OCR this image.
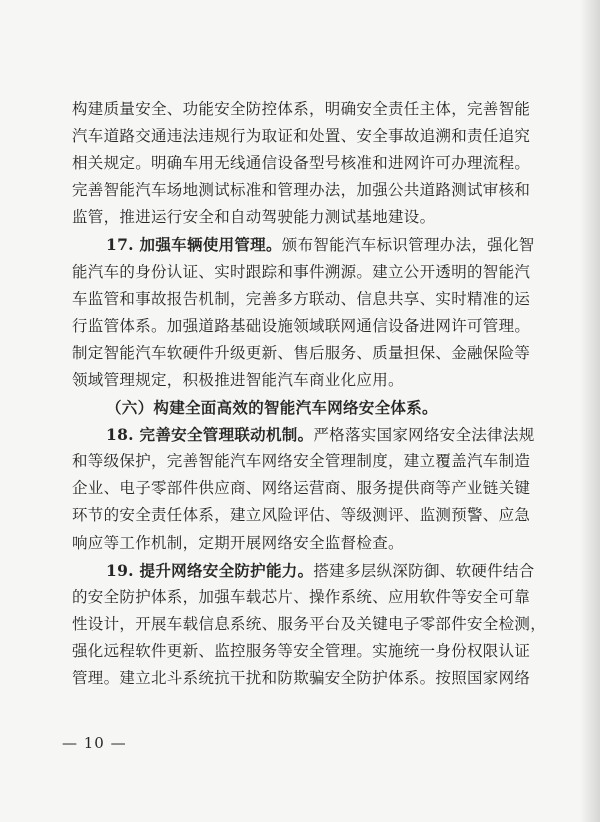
构建质量安全、功能安全防控体系，明确安全责任主体，完善智能
汽车道路交通违法违规行为取证和处置、安全事故追溯和责任追究
相关规定。明确车用无线通信设备型号核准和进网许可办理流程。
完善智能汽车场地测试标准和管理办法，加强公共道路测试审核和
监管，推进运行安全和自动驾驶能力测试基地建设。
17. 加强车辆使用管理。颁布智能汽车标识管理办法，强化智
能汽车的身份认证、实时跟踪和事件溯源。建立公开透明的智能汽
车监管和事故报告机制，完善多方联动、信息共享、实时精准的运
行监管体系。加强道路基础设施领域联网通信设备进网许可管理。
制定智能汽车软硬件升级更新、售后服务、质量担保、金融保险等
领域管理规定，积极推进智能汽车商业化应用。
（六）构建全面高效的智能汽车网络安全体系。
18. 完善安全管理联动机制。严格落实国家网络安全法律法规
和等级保护，完善智能汽车网络安全管理制度，建立覆盖汽车制造
企业、电子零部件供应商、网络运营商、服务提供商等产业链关键
环节的安全责任体系，建立风险评估、等级测评、监测预警、应急
响应等工作机制，定期开展网络安全监督检查。
19. 提升网络安全防护能力。搭建多层纵深防御、软硬件结合
的安全防护体系，加强车载芯片、操作系统、应用软件等安全可靠
性设计，开展车载信息系统、服务平台及关键电子零部件安全检测，
强化远程软件更新、监控服务等安全管理。实施统一身份权限认证
管理。建立北斗系统抗干扰和防欺骗安全防护体系。按照国家网络
— 10 —
